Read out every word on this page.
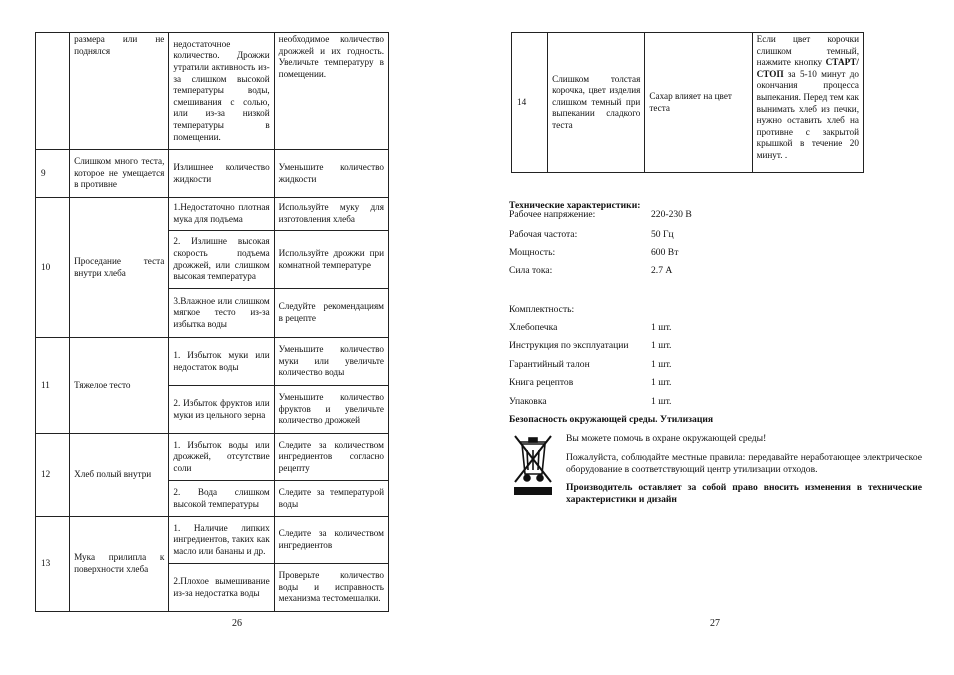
	размера или не поднялся	недостаточное количество. Дрожжи утратили активность из-за слишком высокой температуры воды, смешивания с солью, или из-за низкой температуры в помещении.	необходимое количество дрожжей и их годность. Увеличьте температуру в помещении.
9	Слишком много теста, которое не умещается в противне	Излишнее количество жидкости	Уменьшите количество жидкости
10	Проседание теста внутри хлеба	1.Недостаточно плотная мука для подъема	Используйте муку для изготовления хлеба
		2. Излишне высокая скорость подъема дрожжей, или слишком высокая температура	Используйте дрожжи при комнатной температуре
		3.Влажное или слишком мягкое тесто из-за избытка воды	Следуйте рекомендациям в рецепте
11	Тяжелое тесто	1. Избыток муки или недостаток воды	Уменьшите количество муки или увеличьте количество воды
		2. Избыток фруктов или муки из цельного зерна	Уменьшите количество фруктов и увеличьте количество дрожжей
12	Хлеб полый внутри	1. Избыток воды или дрожжей, отсутствие соли	Следите за количеством ингредиентов согласно рецепту
		2. Вода слишком высокой температуры	Следите за температурой воды
13	Мука прилипла к поверхности хлеба	1. Наличие липких ингредиентов, таких как масло или бананы и др.	Следите за количеством ингредиентов
		2.Плохое вымешивание из-за недостатка воды	Проверьте количество воды и исправность механизма тестомешалки.
26
14	Слишком толстая корочка, цвет изделия слишком темный при выпекании сладкого теста	Сахар влияет на цвет теста	Если цвет корочки слишком темный, нажмите кнопку СТАРТ/СТОП за 5-10 минут до окончания процесса выпекания. Перед тем как вынимать хлеб из печки, нужно оставить хлеб на противне с закрытой крышкой в течение 20 минут. .
Технические характеристики:
Рабочее напряжение:	220-230 В
Рабочая частота:	50 Гц
Мощность:	600 Вт
Сила тока:	2.7 А
Комплектность:
Хлебопечка	1 шт.
Инструкция по эксплуатации 1 шт.
Гарантийный талон	1 шт.
Книга рецептов	1 шт.
Упаковка	1 шт.
Безопасность окружающей среды. Утилизация
Вы можете помочь в охране окружающей среды!
Пожалуйста, соблюдайте местные правила: передавайте неработающее электрическое оборудование в соответствующий центр утилизации отходов.
Производитель оставляет за собой право вносить изменения в технические характеристики и дизайн
27
